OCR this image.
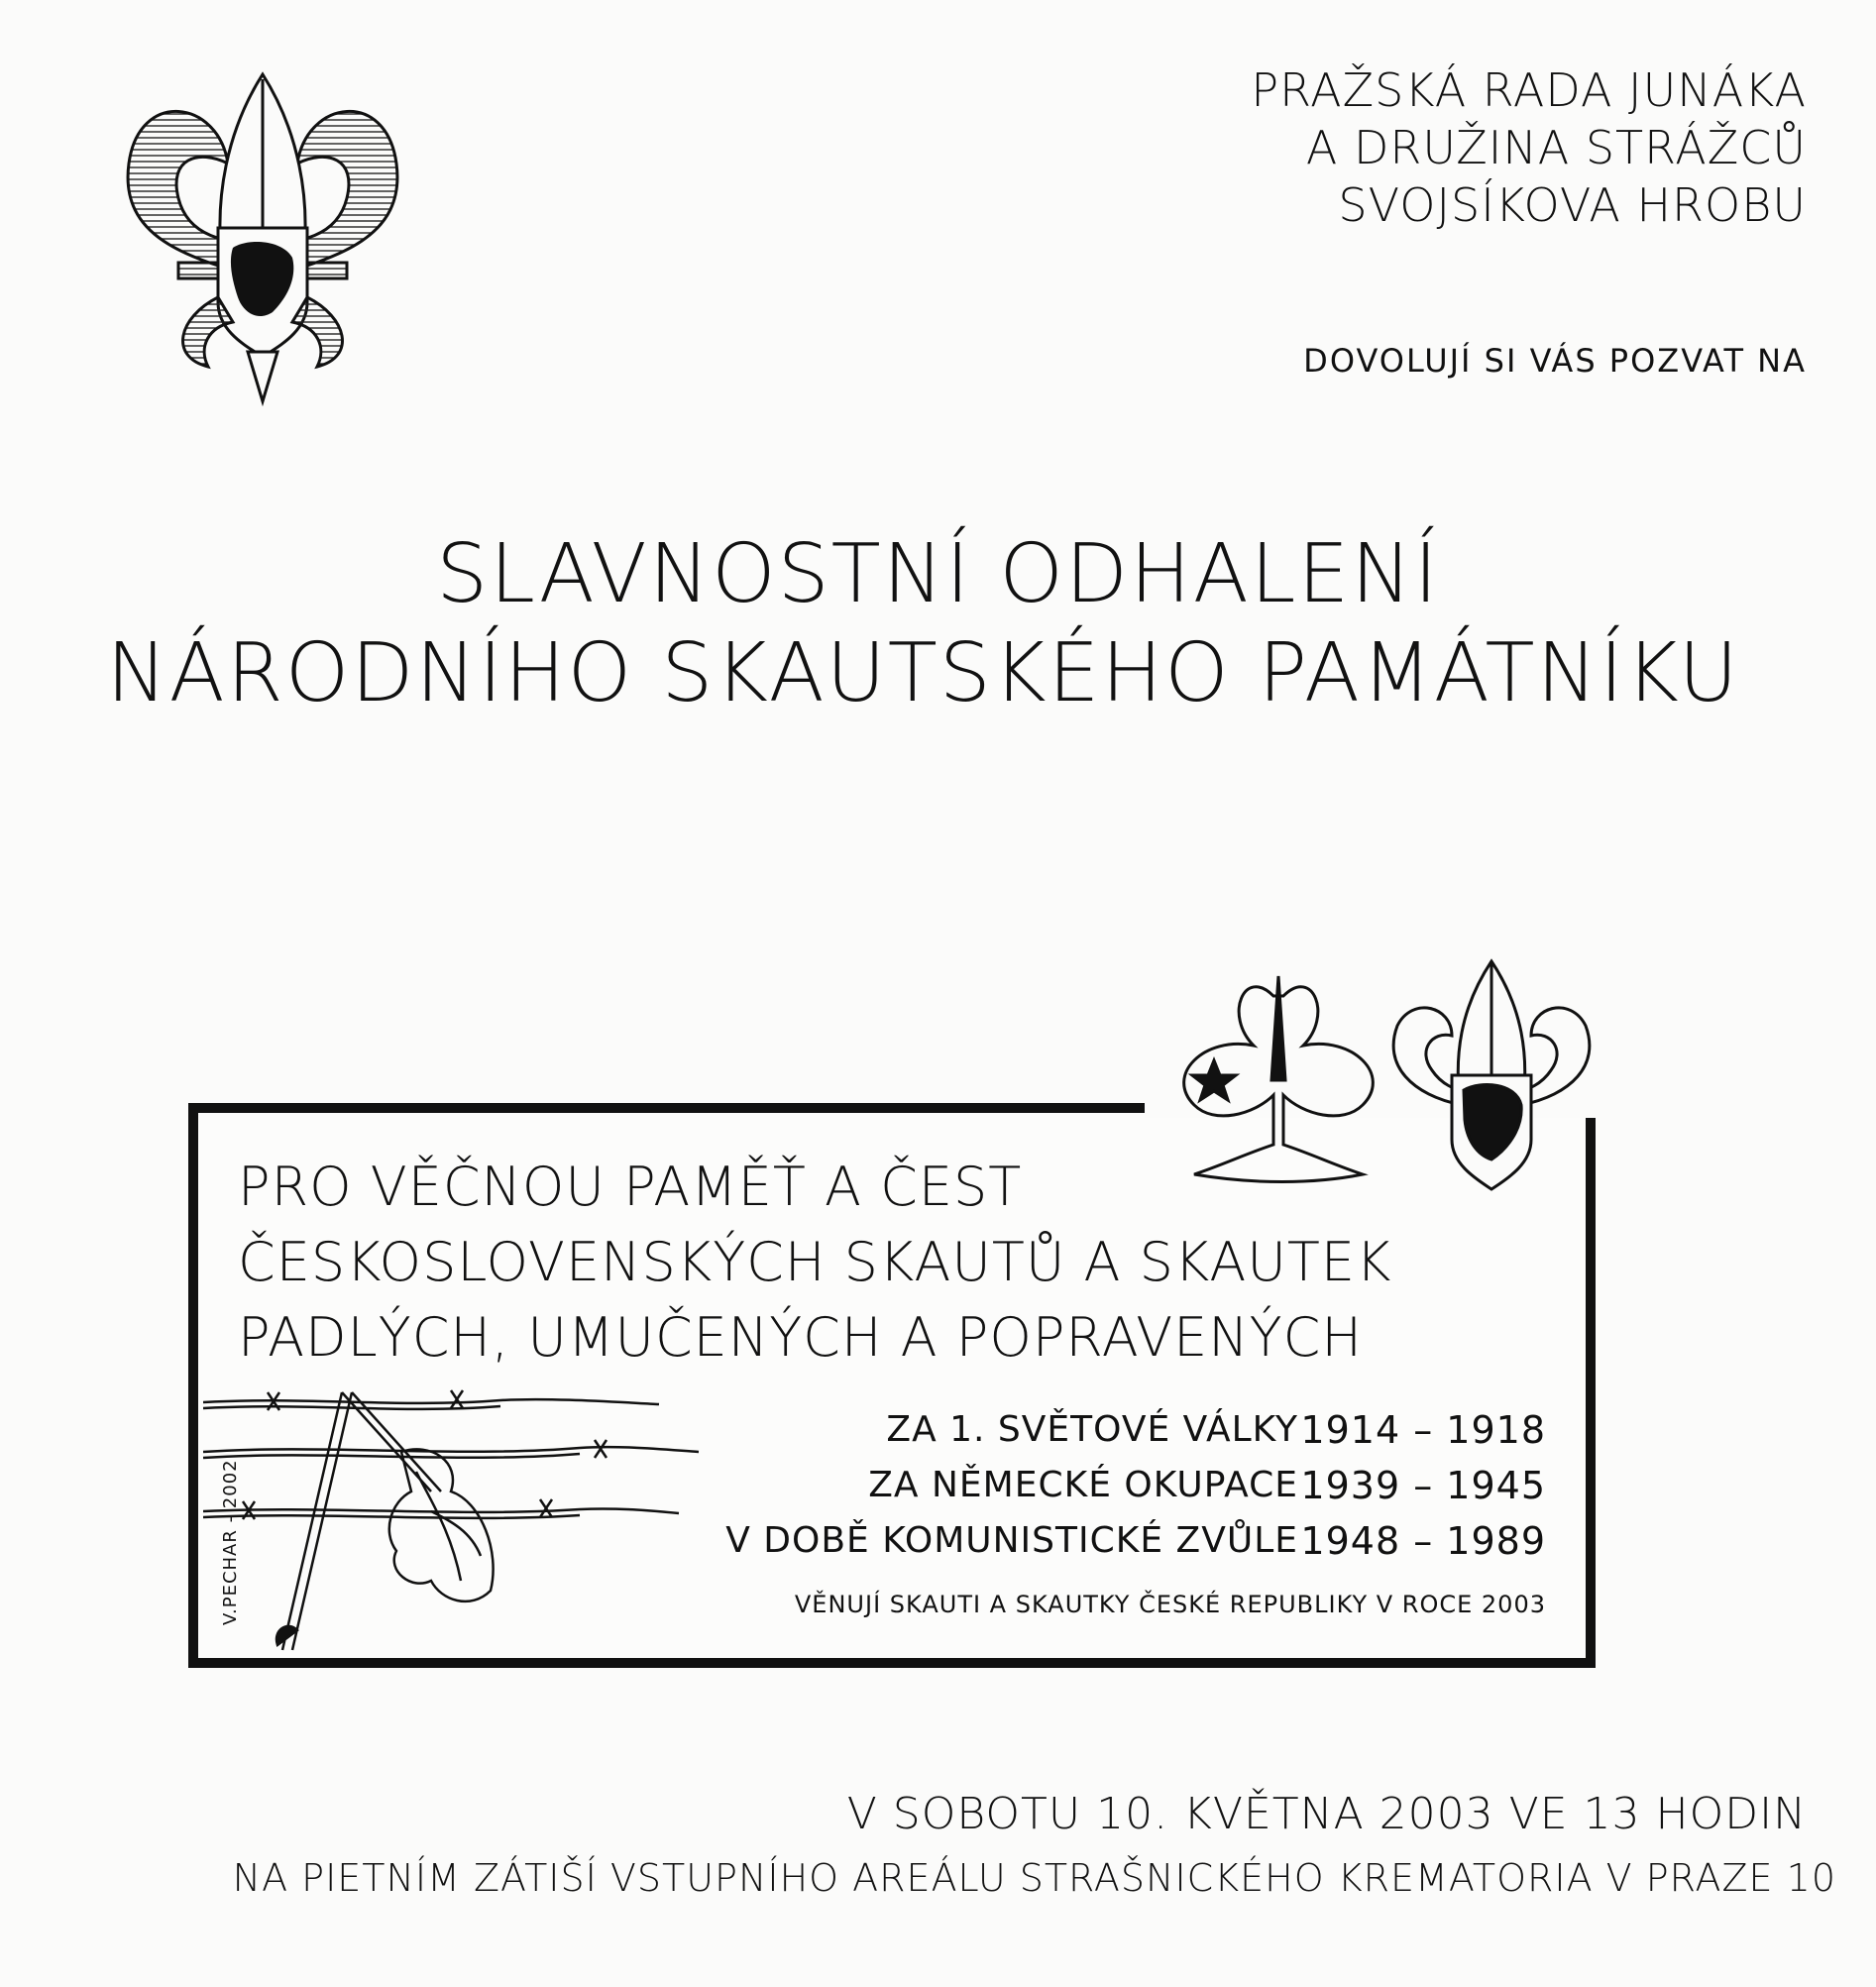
PRAŽSKÁ RADA JUNÁKA
A DRUŽINA STRÁŽCŮ
SVOJSÍKOVA HROBU
DOVOLUJÍ SI VÁS POZVAT NA
SLAVNOSTNÍ ODHALENÍ
NÁRODNÍHO SKAUTSKÉHO PAMÁTNÍKU
PRO VĚČNOU PAMĚŤ A ČEST
ČESKOSLOVENSKÝCH SKAUTŮ A SKAUTEK
PADLÝCH, UMUČENÝCH A POPRAVENÝCH
V.PECHAR - 2002
ZA 1. SVĚTOVÉ VÁLKY 1914 – 1918
ZA NĚMECKÉ OKUPACE 1939 – 1945
V DOBĚ KOMUNISTICKÉ ZVŮLE 1948 – 1989
VĚNUJÍ SKAUTI A SKAUTKY ČESKÉ REPUBLIKY V ROCE 2003
V SOBOTU 10. KVĚTNA 2003 VE 13 HODIN
NA PIETNÍM ZÁTIŠÍ VSTUPNÍHO AREÁLU STRAŠNICKÉHO KREMATORIA V PRAZE 10
